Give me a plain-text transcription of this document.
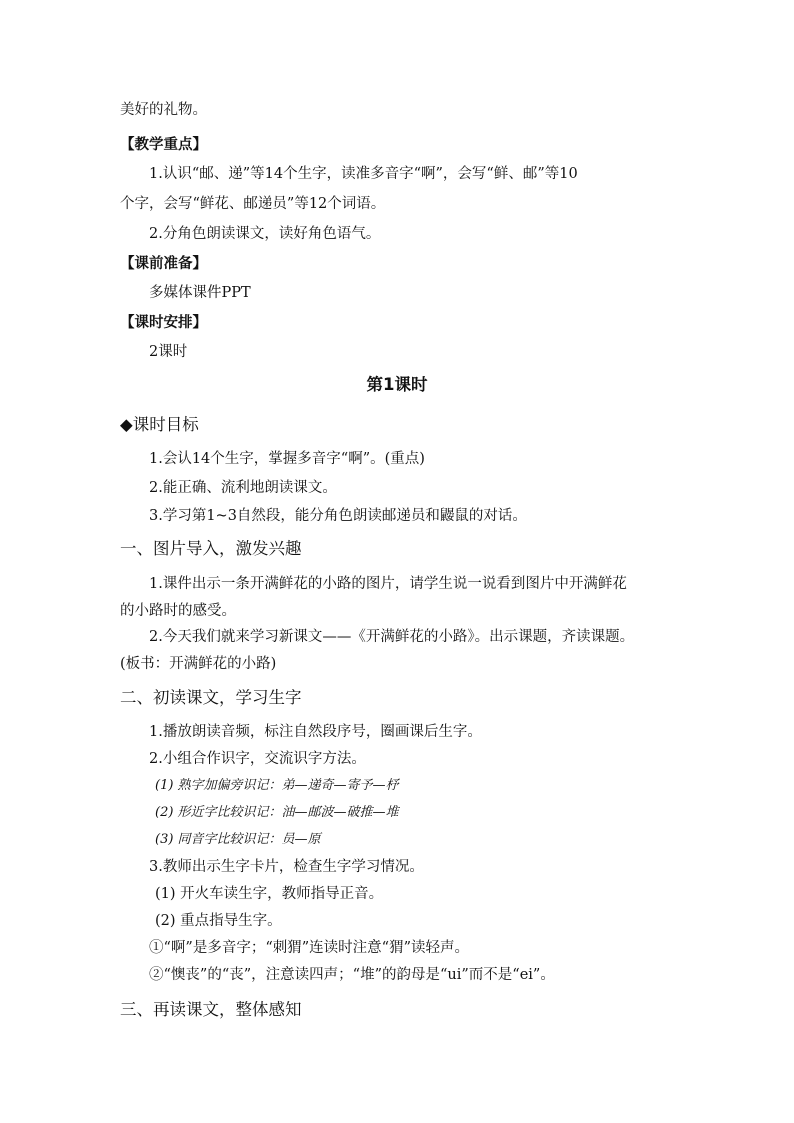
美好的礼物。
【教学重点】
1.认识“邮、递”等14个生字，读准多音字“啊”，会写“鲜、邮”等10
个字，会写“鲜花、邮递员”等12个词语。
2.分角色朗读课文，读好角色语气。
【课前准备】
多媒体课件PPT
【课时安排】
2课时
第1课时
◆课时目标
1.会认14个生字，掌握多音字“啊”。(重点)
2.能正确、流利地朗读课文。
3.学习第1~3自然段，能分角色朗读邮递员和鼹鼠的对话。
一、图片导入，激发兴趣
1.课件出示一条开满鲜花的小路的图片，请学生说一说看到图片中开满鲜花
的小路时的感受。
2.今天我们就来学习新课文——《开满鲜花的小路》。出示课题，齐读课题。
(板书：开满鲜花的小路)
二、初读课文，学习生字
1.播放朗读音频，标注自然段序号，圈画课后生字。
2.小组合作识字，交流识字方法。
(1) 熟字加偏旁识记：弟—递奇—寄予—杼
(2) 形近字比较识记：油—邮波—破推—堆
(3) 同音字比较识记：员—原
3.教师出示生字卡片，检查生字学习情况。
(1) 开火车读生字，教师指导正音。
(2) 重点指导生字。
①“啊”是多音字；“刺猬”连读时注意“猬”读轻声。
②“懊丧”的“丧”，注意读四声；“堆”的韵母是“ui”而不是“ei”。
三、再读课文，整体感知
